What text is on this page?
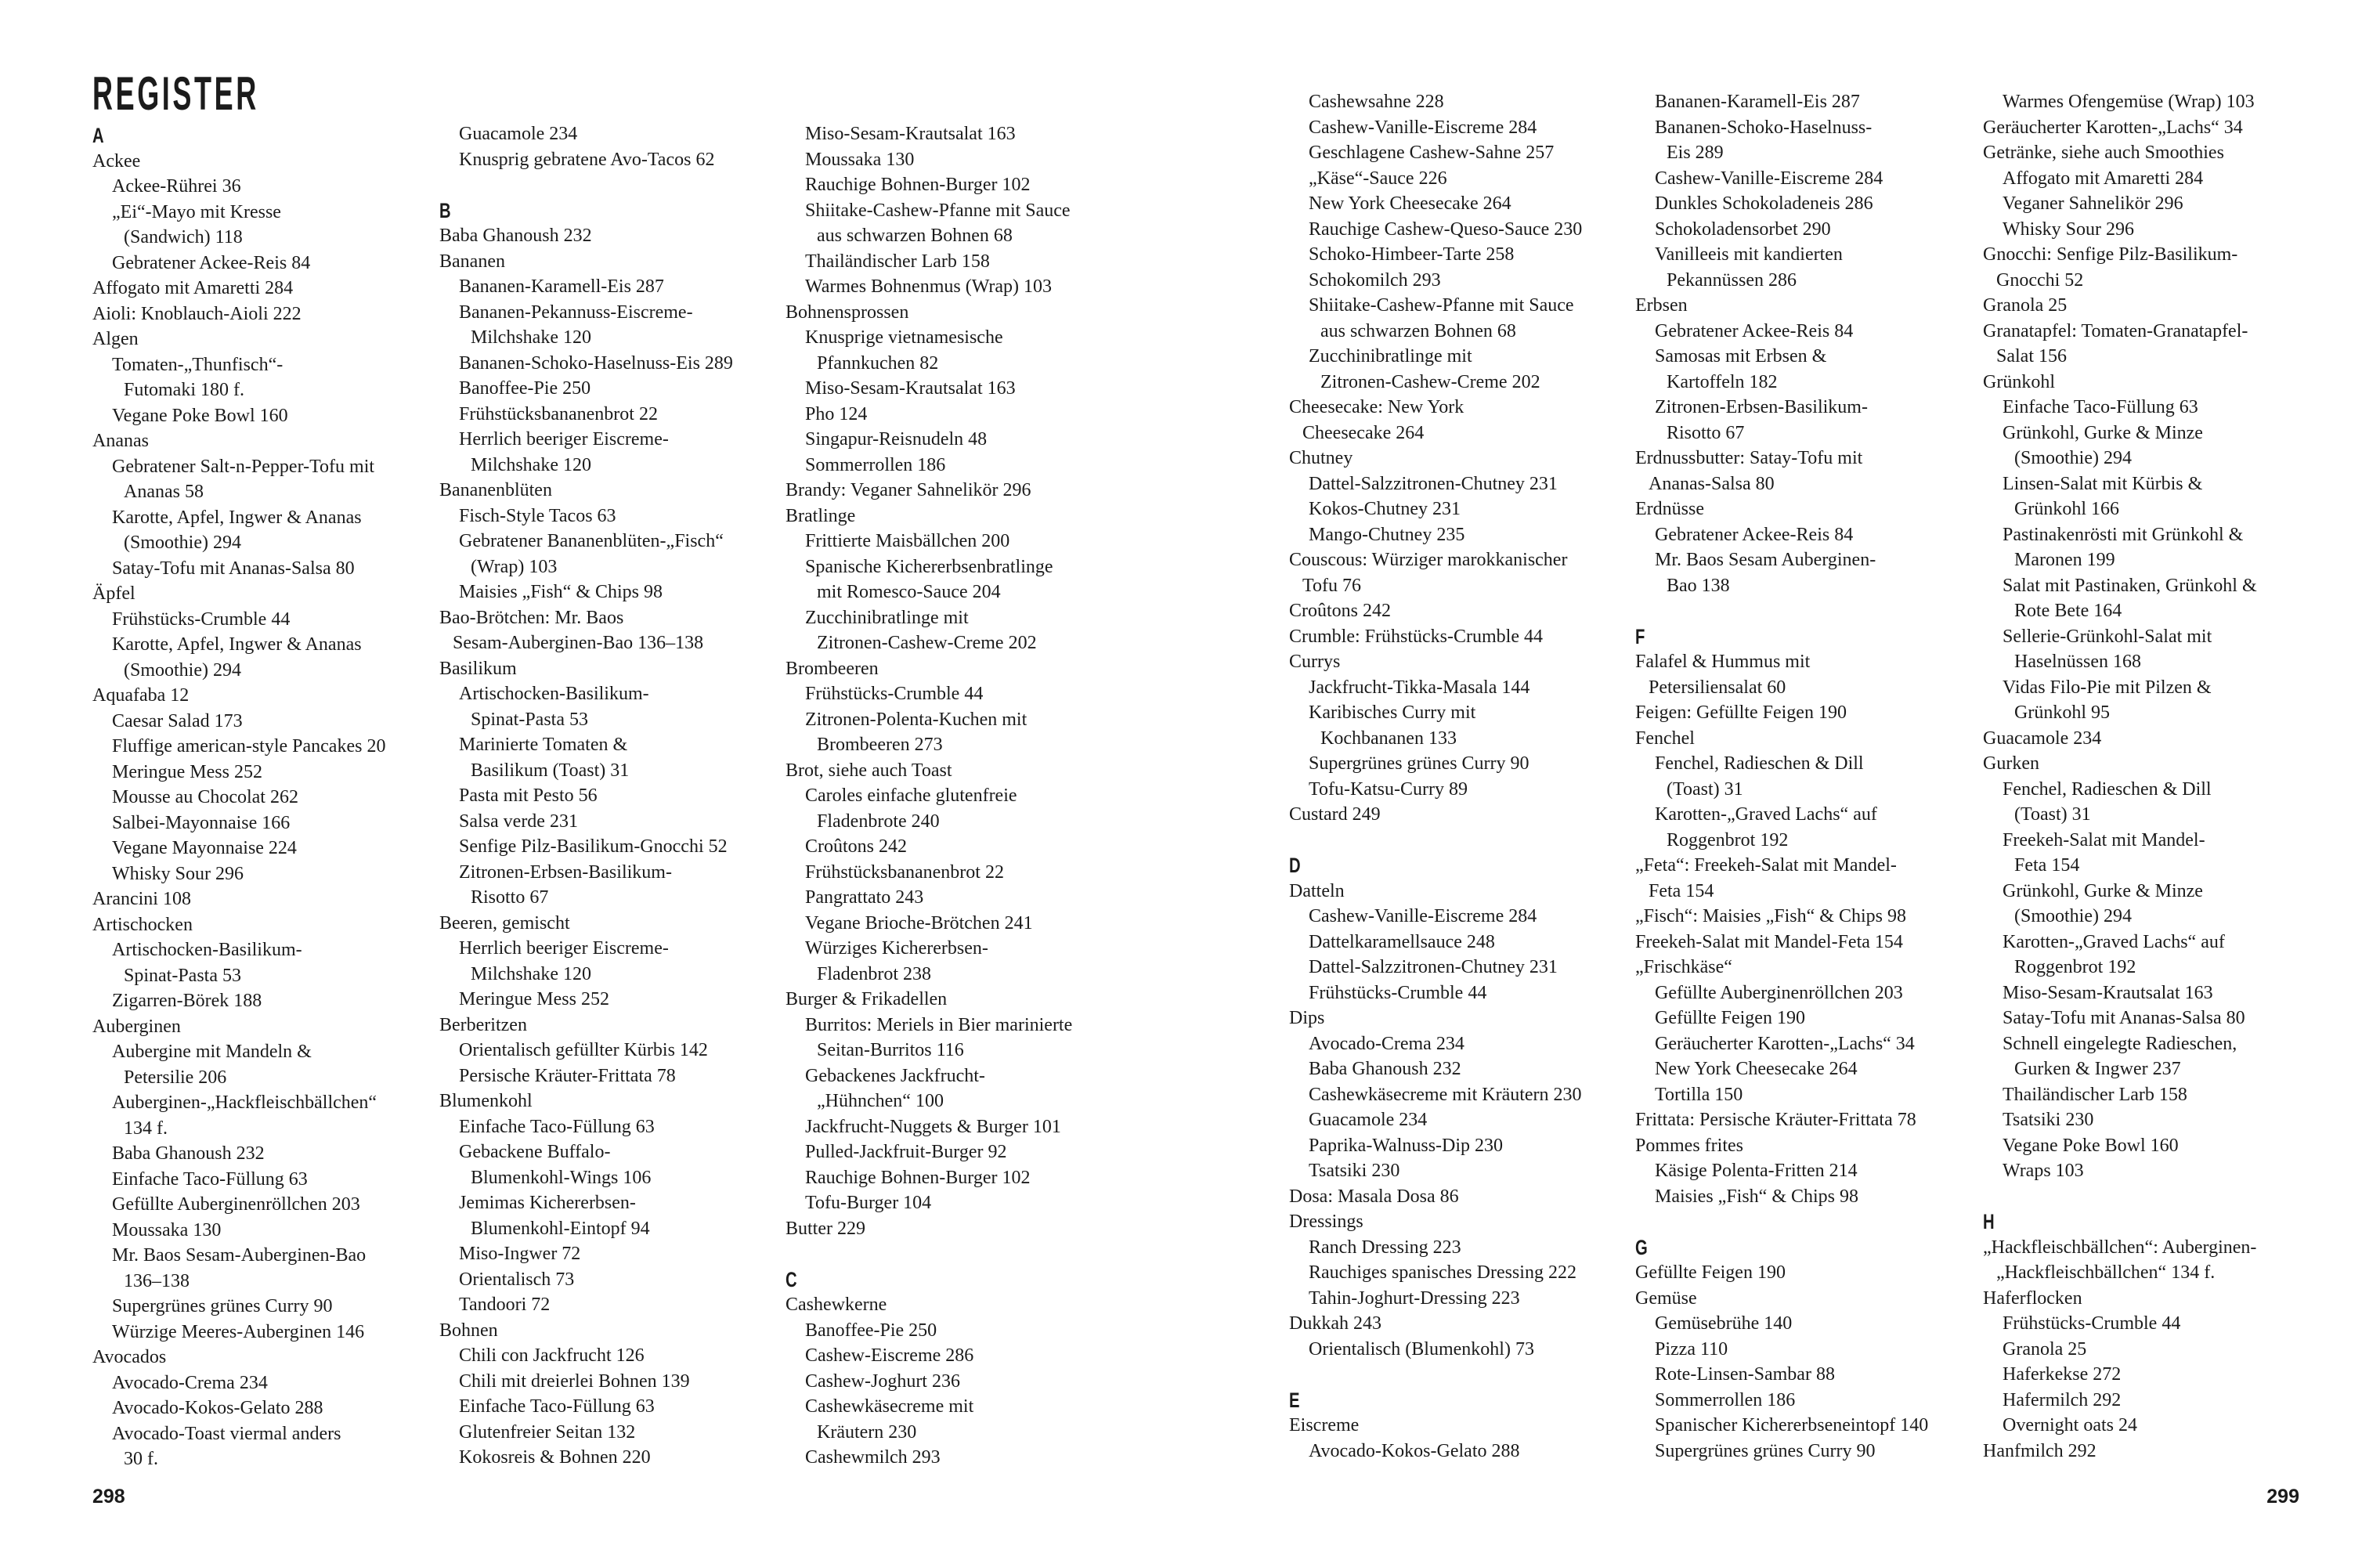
REGISTER
A
Ackee
Ackee-Rührei 36
„Ei“-Mayo mit Kresse
(Sandwich) 118
Gebratener Ackee-Reis 84
Affogato mit Amaretti 284
Aioli: Knoblauch-Aioli 222
Algen
Tomaten-„Thunfisch“-
Futomaki 180 f.
Vegane Poke Bowl 160
Ananas
Gebratener Salt-n-Pepper-Tofu mit
Ananas 58
Karotte, Apfel, Ingwer & Ananas
(Smoothie) 294
Satay-Tofu mit Ananas-Salsa 80
Äpfel
Frühstücks-Crumble 44
Karotte, Apfel, Ingwer & Ananas
(Smoothie) 294
Aquafaba 12
Caesar Salad 173
Fluffige american-style Pancakes 20
Meringue Mess 252
Mousse au Chocolat 262
Salbei-Mayonnaise 166
Vegane Mayonnaise 224
Whisky Sour 296
Arancini 108
Artischocken
Artischocken-Basilikum-
Spinat-Pasta 53
Zigarren-Börek 188
Auberginen
Aubergine mit Mandeln &
Petersilie 206
Auberginen-„Hackfleischbällchen“
134 f.
Baba Ghanoush 232
Einfache Taco-Füllung 63
Gefüllte Auberginenröllchen 203
Moussaka 130
Mr. Baos Sesam-Auberginen-Bao
136–138
Supergrünes grünes Curry 90
Würzige Meeres-Auberginen 146
Avocados
Avocado-Crema 234
Avocado-Kokos-Gelato 288
Avocado-Toast viermal anders
30 f.
Guacamole 234
Knusprig gebratene Avo-Tacos 62
B
Baba Ghanoush 232
Bananen
Bananen-Karamell-Eis 287
Bananen-Pekannuss-Eiscreme-
Milchshake 120
Bananen-Schoko-Haselnuss-Eis 289
Banoffee-Pie 250
Frühstücksbananenbrot 22
Herrlich beeriger Eiscreme-
Milchshake 120
Bananenblüten
Fisch-Style Tacos 63
Gebratener Bananenblüten-„Fisch“
(Wrap) 103
Maisies „Fish“ & Chips 98
Bao-Brötchen: Mr. Baos
Sesam-Auberginen-Bao 136–138
Basilikum
Artischocken-Basilikum-
Spinat-Pasta 53
Marinierte Tomaten &
Basilikum (Toast) 31
Pasta mit Pesto 56
Salsa verde 231
Senfige Pilz-Basilikum-Gnocchi 52
Zitronen-Erbsen-Basilikum-
Risotto 67
Beeren, gemischt
Herrlich beeriger Eiscreme-
Milchshake 120
Meringue Mess 252
Berberitzen
Orientalisch gefüllter Kürbis 142
Persische Kräuter-Frittata 78
Blumenkohl
Einfache Taco-Füllung 63
Gebackene Buffalo-
Blumenkohl-Wings 106
Jemimas Kichererbsen-
Blumenkohl-Eintopf 94
Miso-Ingwer 72
Orientalisch 73
Tandoori 72
Bohnen
Chili con Jackfrucht 126
Chili mit dreierlei Bohnen 139
Einfache Taco-Füllung 63
Glutenfreier Seitan 132
Kokosreis & Bohnen 220
Miso-Sesam-Krautsalat 163
Moussaka 130
Rauchige Bohnen-Burger 102
Shiitake-Cashew-Pfanne mit Sauce
aus schwarzen Bohnen 68
Thailändischer Larb 158
Warmes Bohnenmus (Wrap) 103
Bohnensprossen
Knusprige vietnamesische
Pfannkuchen 82
Miso-Sesam-Krautsalat 163
Pho 124
Singapur-Reisnudeln 48
Sommerrollen 186
Brandy: Veganer Sahnelikör 296
Bratlinge
Frittierte Maisbällchen 200
Spanische Kichererbsenbratlinge
mit Romesco-Sauce 204
Zucchinibratlinge mit
Zitronen-Cashew-Creme 202
Brombeeren
Frühstücks-Crumble 44
Zitronen-Polenta-Kuchen mit
Brombeeren 273
Brot, siehe auch Toast
Caroles einfache glutenfreie
Fladenbrote 240
Croûtons 242
Frühstücksbananenbrot 22
Pangrattato 243
Vegane Brioche-Brötchen 241
Würziges Kichererbsen-
Fladenbrot 238
Burger & Frikadellen
Burritos: Meriels in Bier marinierte
Seitan-Burritos 116
Gebackenes Jackfrucht-
„Hühnchen“ 100
Jackfrucht-Nuggets & Burger 101
Pulled-Jackfruit-Burger 92
Rauchige Bohnen-Burger 102
Tofu-Burger 104
Butter 229
C
Cashewkerne
Banoffee-Pie 250
Cashew-Eiscreme 286
Cashew-Joghurt 236
Cashewkäsecreme mit
Kräutern 230
Cashewmilch 293
298
Cashewsahne 228
Cashew-Vanille-Eiscreme 284
Geschlagene Cashew-Sahne 257
„Käse“-Sauce 226
New York Cheesecake 264
Rauchige Cashew-Queso-Sauce 230
Schoko-Himbeer-Tarte 258
Schokomilch 293
Shiitake-Cashew-Pfanne mit Sauce
aus schwarzen Bohnen 68
Zucchinibratlinge mit
Zitronen-Cashew-Creme 202
Cheesecake: New York
Cheesecake 264
Chutney
Dattel-Salzzitronen-Chutney 231
Kokos-Chutney 231
Mango-Chutney 235
Couscous: Würziger marokkanischer
Tofu 76
Croûtons 242
Crumble: Frühstücks-Crumble 44
Currys
Jackfrucht-Tikka-Masala 144
Karibisches Curry mit
Kochbananen 133
Supergrünes grünes Curry 90
Tofu-Katsu-Curry 89
Custard 249
D
Datteln
Cashew-Vanille-Eiscreme 284
Dattelkaramellsauce 248
Dattel-Salzzitronen-Chutney 231
Frühstücks-Crumble 44
Dips
Avocado-Crema 234
Baba Ghanoush 232
Cashewkäsecreme mit Kräutern 230
Guacamole 234
Paprika-Walnuss-Dip 230
Tsatsiki 230
Dosa: Masala Dosa 86
Dressings
Ranch Dressing 223
Rauchiges spanisches Dressing 222
Tahin-Joghurt-Dressing 223
Dukkah 243
Orientalisch (Blumenkohl) 73
E
Eiscreme
Avocado-Kokos-Gelato 288
Bananen-Karamell-Eis 287
Bananen-Schoko-Haselnuss-
Eis 289
Cashew-Vanille-Eiscreme 284
Dunkles Schokoladeneis 286
Schokoladensorbet 290
Vanilleeis mit kandierten
Pekannüssen 286
Erbsen
Gebratener Ackee-Reis 84
Samosas mit Erbsen &
Kartoffeln 182
Zitronen-Erbsen-Basilikum-
Risotto 67
Erdnussbutter: Satay-Tofu mit
Ananas-Salsa 80
Erdnüsse
Gebratener Ackee-Reis 84
Mr. Baos Sesam Auberginen-
Bao 138
F
Falafel & Hummus mit
Petersiliensalat 60
Feigen: Gefüllte Feigen 190
Fenchel
Fenchel, Radieschen & Dill
(Toast) 31
Karotten-„Graved Lachs“ auf
Roggenbrot 192
„Feta“: Freekeh-Salat mit Mandel-
Feta 154
„Fisch“: Maisies „Fish“ & Chips 98
Freekeh-Salat mit Mandel-Feta 154
„Frischkäse“
Gefüllte Auberginenröllchen 203
Gefüllte Feigen 190
Geräucherter Karotten-„Lachs“ 34
New York Cheesecake 264
Tortilla 150
Frittata: Persische Kräuter-Frittata 78
Pommes frites
Käsige Polenta-Fritten 214
Maisies „Fish“ & Chips 98
G
Gefüllte Feigen 190
Gemüse
Gemüsebrühe 140
Pizza 110
Rote-Linsen-Sambar 88
Sommerrollen 186
Spanischer Kichererbseneintopf 140
Supergrünes grünes Curry 90
Warmes Ofengemüse (Wrap) 103
Geräucherter Karotten-„Lachs“ 34
Getränke, siehe auch Smoothies
Affogato mit Amaretti 284
Veganer Sahnelikör 296
Whisky Sour 296
Gnocchi: Senfige Pilz-Basilikum-
Gnocchi 52
Granola 25
Granatapfel: Tomaten-Granatapfel-
Salat 156
Grünkohl
Einfache Taco-Füllung 63
Grünkohl, Gurke & Minze
(Smoothie) 294
Linsen-Salat mit Kürbis &
Grünkohl 166
Pastinakenrösti mit Grünkohl &
Maronen 199
Salat mit Pastinaken, Grünkohl &
Rote Bete 164
Sellerie-Grünkohl-Salat mit
Haselnüssen 168
Vidas Filo-Pie mit Pilzen &
Grünkohl 95
Guacamole 234
Gurken
Fenchel, Radieschen & Dill
(Toast) 31
Freekeh-Salat mit Mandel-
Feta 154
Grünkohl, Gurke & Minze
(Smoothie) 294
Karotten-„Graved Lachs“ auf
Roggenbrot 192
Miso-Sesam-Krautsalat 163
Satay-Tofu mit Ananas-Salsa 80
Schnell eingelegte Radieschen,
Gurken & Ingwer 237
Thailändischer Larb 158
Tsatsiki 230
Vegane Poke Bowl 160
Wraps 103
H
„Hackfleischbällchen“: Auberginen-
„Hackfleischbällchen“ 134 f.
Haferflocken
Frühstücks-Crumble 44
Granola 25
Haferkekse 272
Hafermilch 292
Overnight oats 24
Hanfmilch 292
299
